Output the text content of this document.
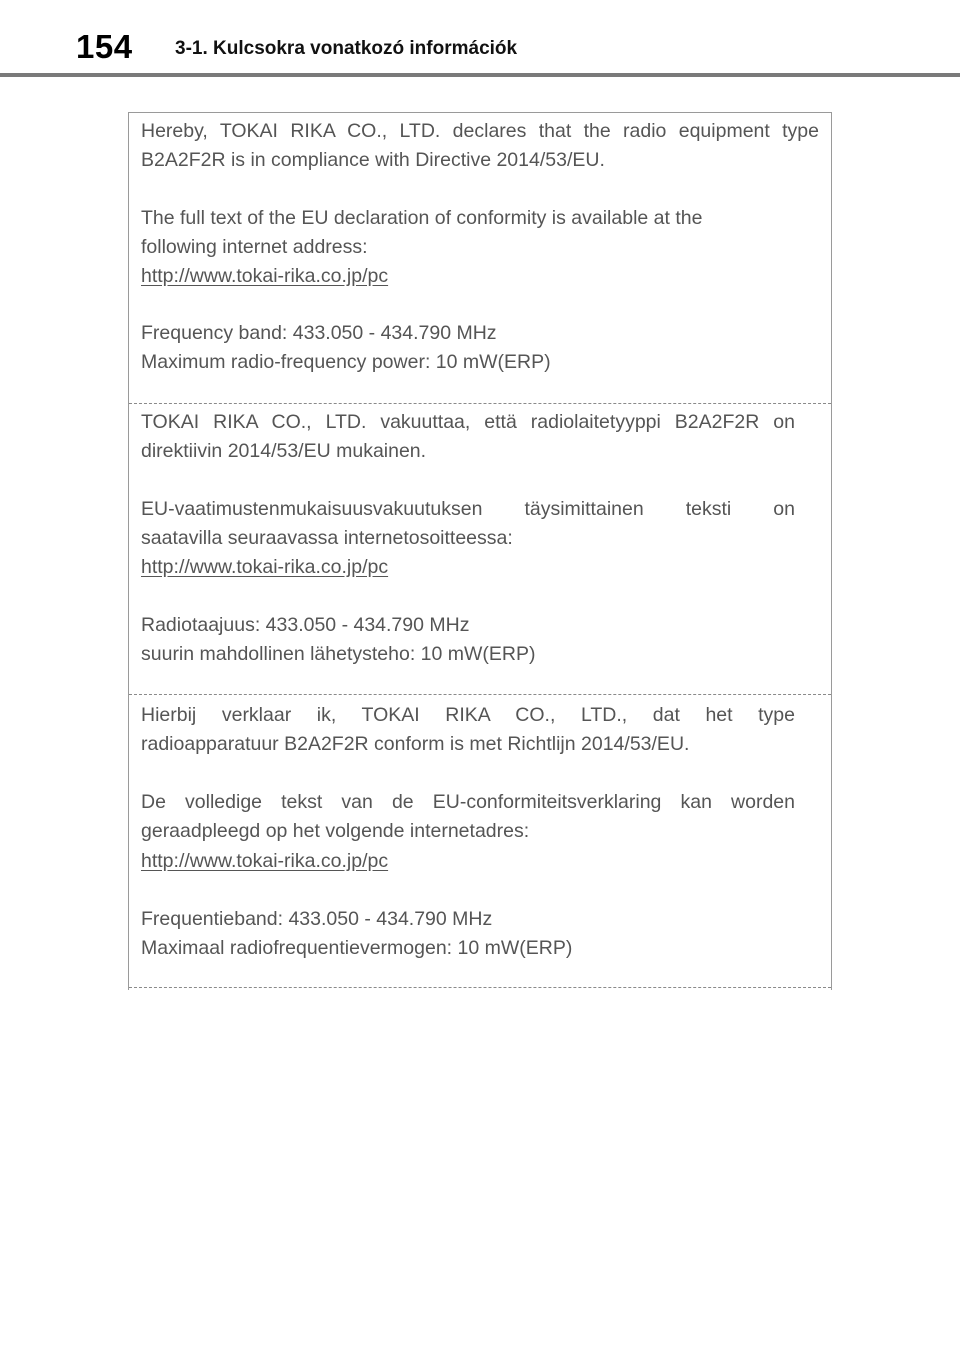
154 3-1. Kulcsokra vonatkozó információk
Hereby, TOKAI RIKA CO., LTD. declares that the radio equipment type
B2A2F2R is in compliance with Directive 2014/53/EU.
The full text of the EU declaration of conformity is available at the
following internet address:
http://www.tokai-rika.co.jp/pc
Frequency band: 433.050 - 434.790 MHz
Maximum radio-frequency power: 10 mW(ERP)
TOKAI RIKA CO., LTD. vakuuttaa, että radiolaitetyyppi B2A2F2R on
direktiivin 2014/53/EU mukainen.
EU-vaatimustenmukaisuusvakuutuksen täysimittainen teksti on
saatavilla seuraavassa internetosoitteessa:
http://www.tokai-rika.co.jp/pc
Radiotaajuus: 433.050 - 434.790 MHz
suurin mahdollinen lähetysteho: 10 mW(ERP)
Hierbij verklaar ik, TOKAI RIKA CO., LTD., dat het type
radioapparatuur B2A2F2R conform is met Richtlijn 2014/53/EU.
De volledige tekst van de EU-conformiteitsverklaring kan worden
geraadpleegd op het volgende internetadres:
http://www.tokai-rika.co.jp/pc
Frequentieband: 433.050 - 434.790 MHz
Maximaal radiofrequentievermogen: 10 mW(ERP)
